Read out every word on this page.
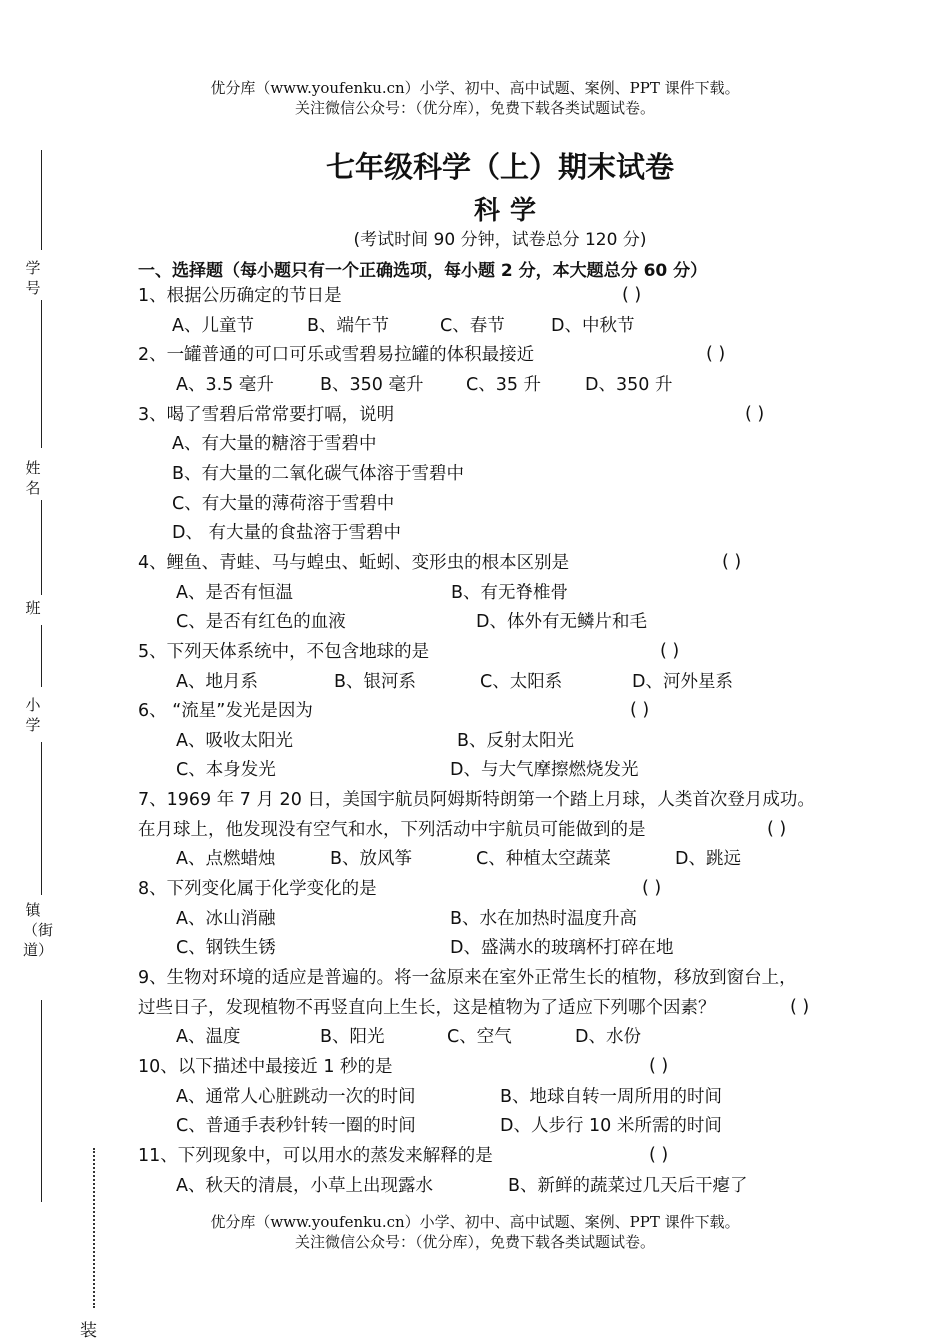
学号
姓名
班
小学
镇（街道）
装
优分库（www.youfenku.cn）小学、初中、高中试题、案例、PPT 课件下载。
关注微信公众号：（优分库），免费下载各类试题试卷。
七年级科学（上）期末试卷
科学
(考试时间 90 分钟，试卷总分 120 分)
一、选择题（每小题只有一个正确选项，每小题 2 分，本大题总分 60 分）
1、根据公历确定的节日是	( )
A、儿童节	B、端午节	C、春节	D、中秋节
2、一罐普通的可口可乐或雪碧易拉罐的体积最接近	( )
A、3.5 毫升	B、350 毫升 C、35 升	D、350 升
3、喝了雪碧后常常要打嗝，说明	( )
A、有大量的糖溶于雪碧中
B、有大量的二氧化碳气体溶于雪碧中
C、有大量的薄荷溶于雪碧中
D、 有大量的食盐溶于雪碧中
4、鲤鱼、青蛙、马与蝗虫、蚯蚓、变形虫的根本区别是	( )
A、是否有恒温	B、有无脊椎骨
C、是否有红色的血液	D、体外有无鳞片和毛
5、下列天体系统中，不包含地球的是	( )
A、地月系	B、银河系	C、太阳系	D、河外星系
6、 “流星”发光是因为	( )
A、吸收太阳光	B、反射太阳光
C、本身发光	D、与大气摩擦燃烧发光
7、1969 年 7 月 20 日，美国宇航员阿姆斯特朗第一个踏上月球，人类首次登月成功。
在月球上，他发现没有空气和水，下列活动中宇航员可能做到的是	( )
A、点燃蜡烛	B、放风筝	C、种植太空蔬菜	D、跳远
8、下列变化属于化学变化的是	( )
A、冰山消融	B、水在加热时温度升高
C、钢铁生锈	D、盛满水的玻璃杯打碎在地
9、生物对环境的适应是普遍的。将一盆原来在室外正常生长的植物，移放到窗台上，
过些日子，发现植物不再竖直向上生长，这是植物为了适应下列哪个因素？	( )
A、温度	B、阳光	C、空气	D、水份
10、以下描述中最接近 1 秒的是	( )
A、通常人心脏跳动一次的时间	B、地球自转一周所用的时间
C、普通手表秒针转一圈的时间	D、人步行 10 米所需的时间
11、下列现象中，可以用水的蒸发来解释的是	( )
A、秋天的清晨，小草上出现露水	B、新鲜的蔬菜过几天后干瘪了
优分库（www.youfenku.cn）小学、初中、高中试题、案例、PPT 课件下载。
关注微信公众号：（优分库），免费下载各类试题试卷。
